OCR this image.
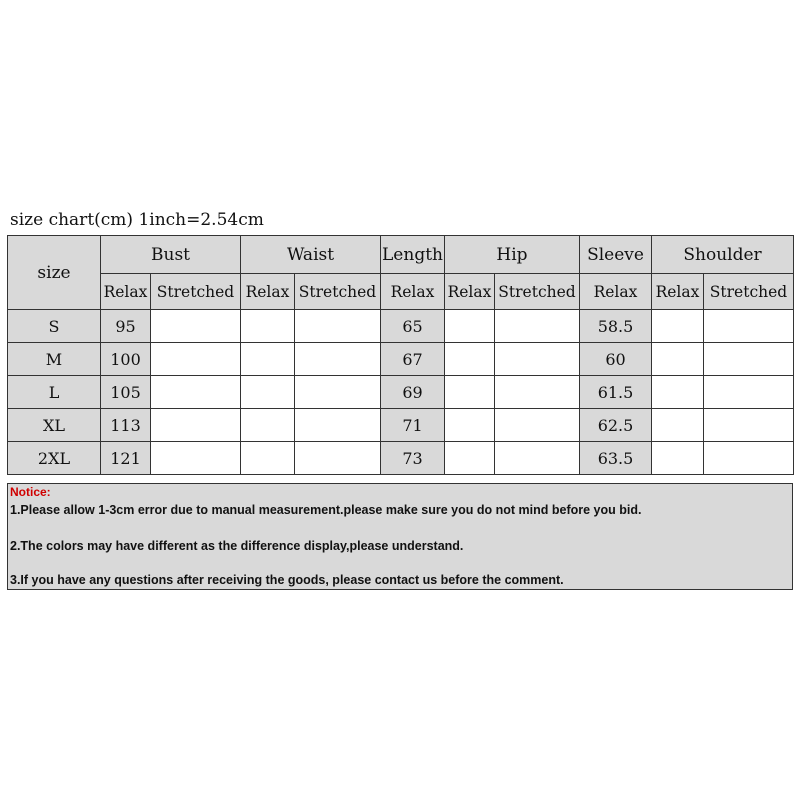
size chart(cm) 1inch=2.54cm
size	Bust		Waist		Length	Hip		Sleeve	Shoulder	
	Relax	Stretched	Relax	Stretched	Relax	Relax	Stretched	Relax	Relax	Stretched
S	95				65			58.5		
M	100				67			60		
L	105				69			61.5		
XL	113				71			62.5		
2XL	121				73			63.5		
Notice:
1.Please allow 1-3cm error due to manual measurement.please make sure you do not mind before you bid.
2.The colors may have different as the difference display,please understand.
3.If you have any questions after receiving the goods, please contact us before the comment.
